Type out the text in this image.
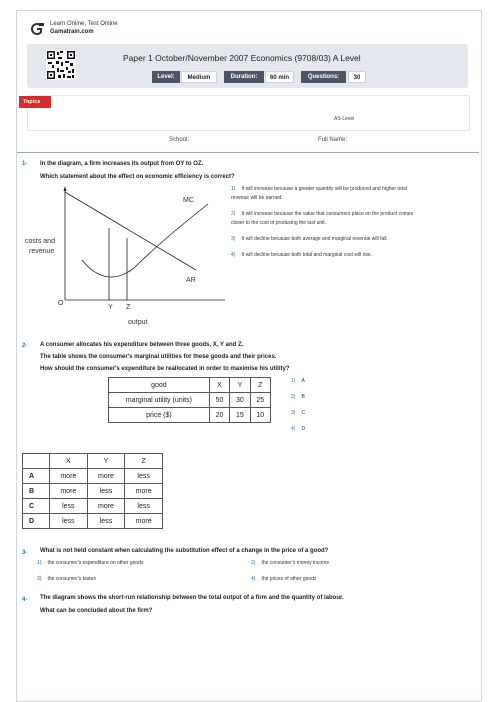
Learn Online, Test Online
Gamatrain.com
Paper 1 October/November 2007 Economics (9708/03) A Level
Level:	Medium	Duration:	60 min	Questions:	30
Topics
AS-Level
School:	Full Name:
1- In the diagram, a firm increases its output from OY to OZ.
Which statement about the effect on economic efficiency is correct?
MC
AR
costs and
revenue
O
Y Z
output
1) It will increase because a greater quantity will be produced and higher total
revenue will be earned.
2) It will increase because the value that consumers place on the product comes
closer to the cost of producing the last unit.
3) It will decline because both average and marginal revenue will fall.
4) It will decline because both total and marginal cost will rise.
2- A consumer allocates his expenditure between three goods, X, Y and Z.
The table shows the consumer's marginal utilities for these goods and their prices.
How should the consumer's expenditure be reallocated in order to maximise his utility?
good	X	Y	Z
marginal utility (units)	50	30	25
price ($)	20	15	10
1) A
2) B
3) C
4) D
	X	Y	Z
A	more	more	less
B	more	less	more
C	less	more	less
D	less	less	more
3- What is not held constant when calculating the substitution effect of a change in the price of a good?
1) the consumer's expenditure on other goods	2) the consumer's money income
3) the consumer's tastes	4) the prices of other goods
4- The diagram shows the short-run relationship between the total output of a firm and the quantity of labour.
What can be concluded about the firm?
